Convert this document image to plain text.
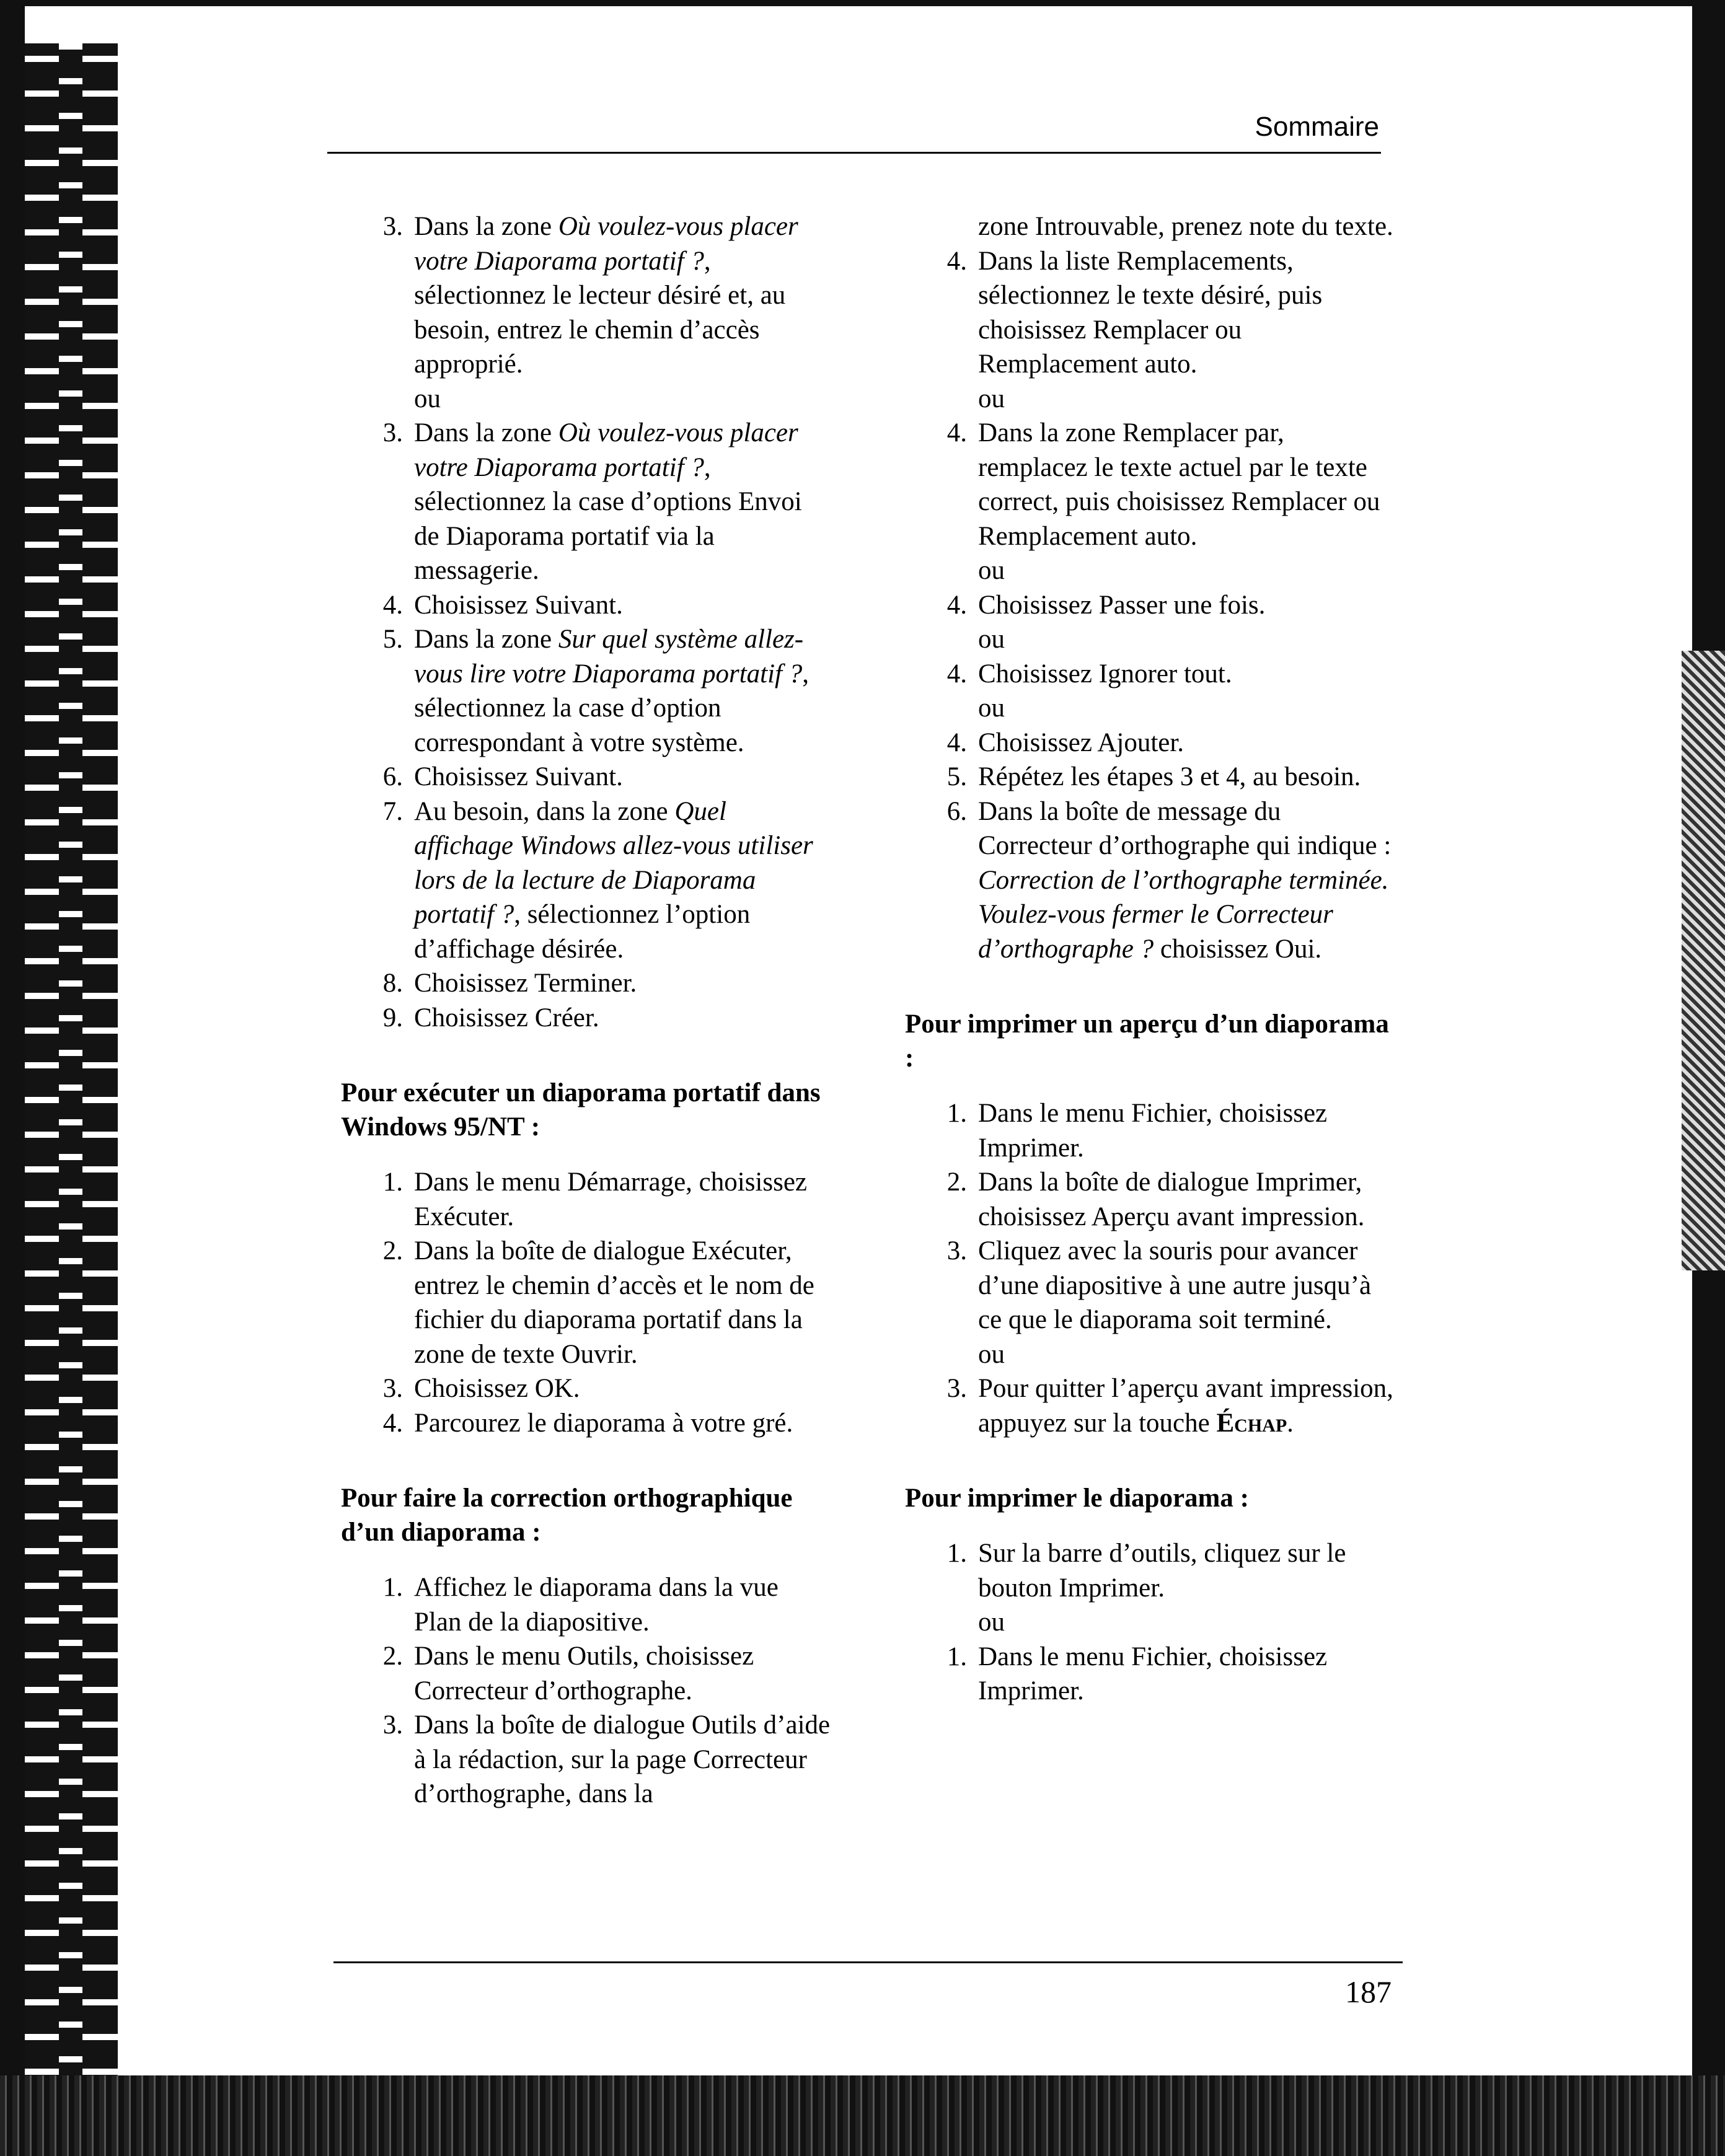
Sommaire
3. Dans la zone Où voulez-vous placer votre Diaporama portatif ?, sélectionnez le lecteur désiré et, au besoin, entrez le chemin d’accès approprié.
ou
3. Dans la zone Où voulez-vous placer votre Diaporama portatif ?, sélectionnez la case d’options Envoi de Diaporama portatif via la messagerie.
4. Choisissez Suivant.
5. Dans la zone Sur quel système allez-vous lire votre Diaporama portatif ?, sélectionnez la case d’option correspondant à votre système.
6. Choisissez Suivant.
7. Au besoin, dans la zone Quel affichage Windows allez-vous utiliser lors de la lecture de Diaporama portatif ?, sélectionnez l’option d’affichage désirée.
8. Choisissez Terminer.
9. Choisissez Créer.
Pour exécuter un diaporama portatif dans Windows 95/NT :
1. Dans le menu Démarrage, choisissez Exécuter.
2. Dans la boîte de dialogue Exécuter, entrez le chemin d’accès et le nom de fichier du diaporama portatif dans la zone de texte Ouvrir.
3. Choisissez OK.
4. Parcourez le diaporama à votre gré.
Pour faire la correction orthographique d’un diaporama :
1. Affichez le diaporama dans la vue Plan de la diapositive.
2. Dans le menu Outils, choisissez Correcteur d’orthographe.
3. Dans la boîte de dialogue Outils d’aide à la rédaction, sur la page Correcteur d’orthographe, dans la
zone Introuvable, prenez note du texte.
4. Dans la liste Remplacements, sélectionnez le texte désiré, puis choisissez Remplacer ou Remplacement auto.
ou
4. Dans la zone Remplacer par, remplacez le texte actuel par le texte correct, puis choisissez Remplacer ou Remplacement auto.
ou
4. Choisissez Passer une fois.
ou
4. Choisissez Ignorer tout.
ou
4. Choisissez Ajouter.
5. Répétez les étapes 3 et 4, au besoin.
6. Dans la boîte de message du Correcteur d’orthographe qui indique : Correction de l’orthographe terminée. Voulez-vous fermer le Correcteur d’orthographe ? choisissez Oui.
Pour imprimer un aperçu d’un diaporama :
1. Dans le menu Fichier, choisissez Imprimer.
2. Dans la boîte de dialogue Imprimer, choisissez Aperçu avant impression.
3. Cliquez avec la souris pour avancer d’une diapositive à une autre jusqu’à ce que le diaporama soit terminé.
ou
3. Pour quitter l’aperçu avant impression, appuyez sur la touche Échap.
Pour imprimer le diaporama :
1. Sur la barre d’outils, cliquez sur le bouton Imprimer.
ou
1. Dans le menu Fichier, choisissez Imprimer.
187
